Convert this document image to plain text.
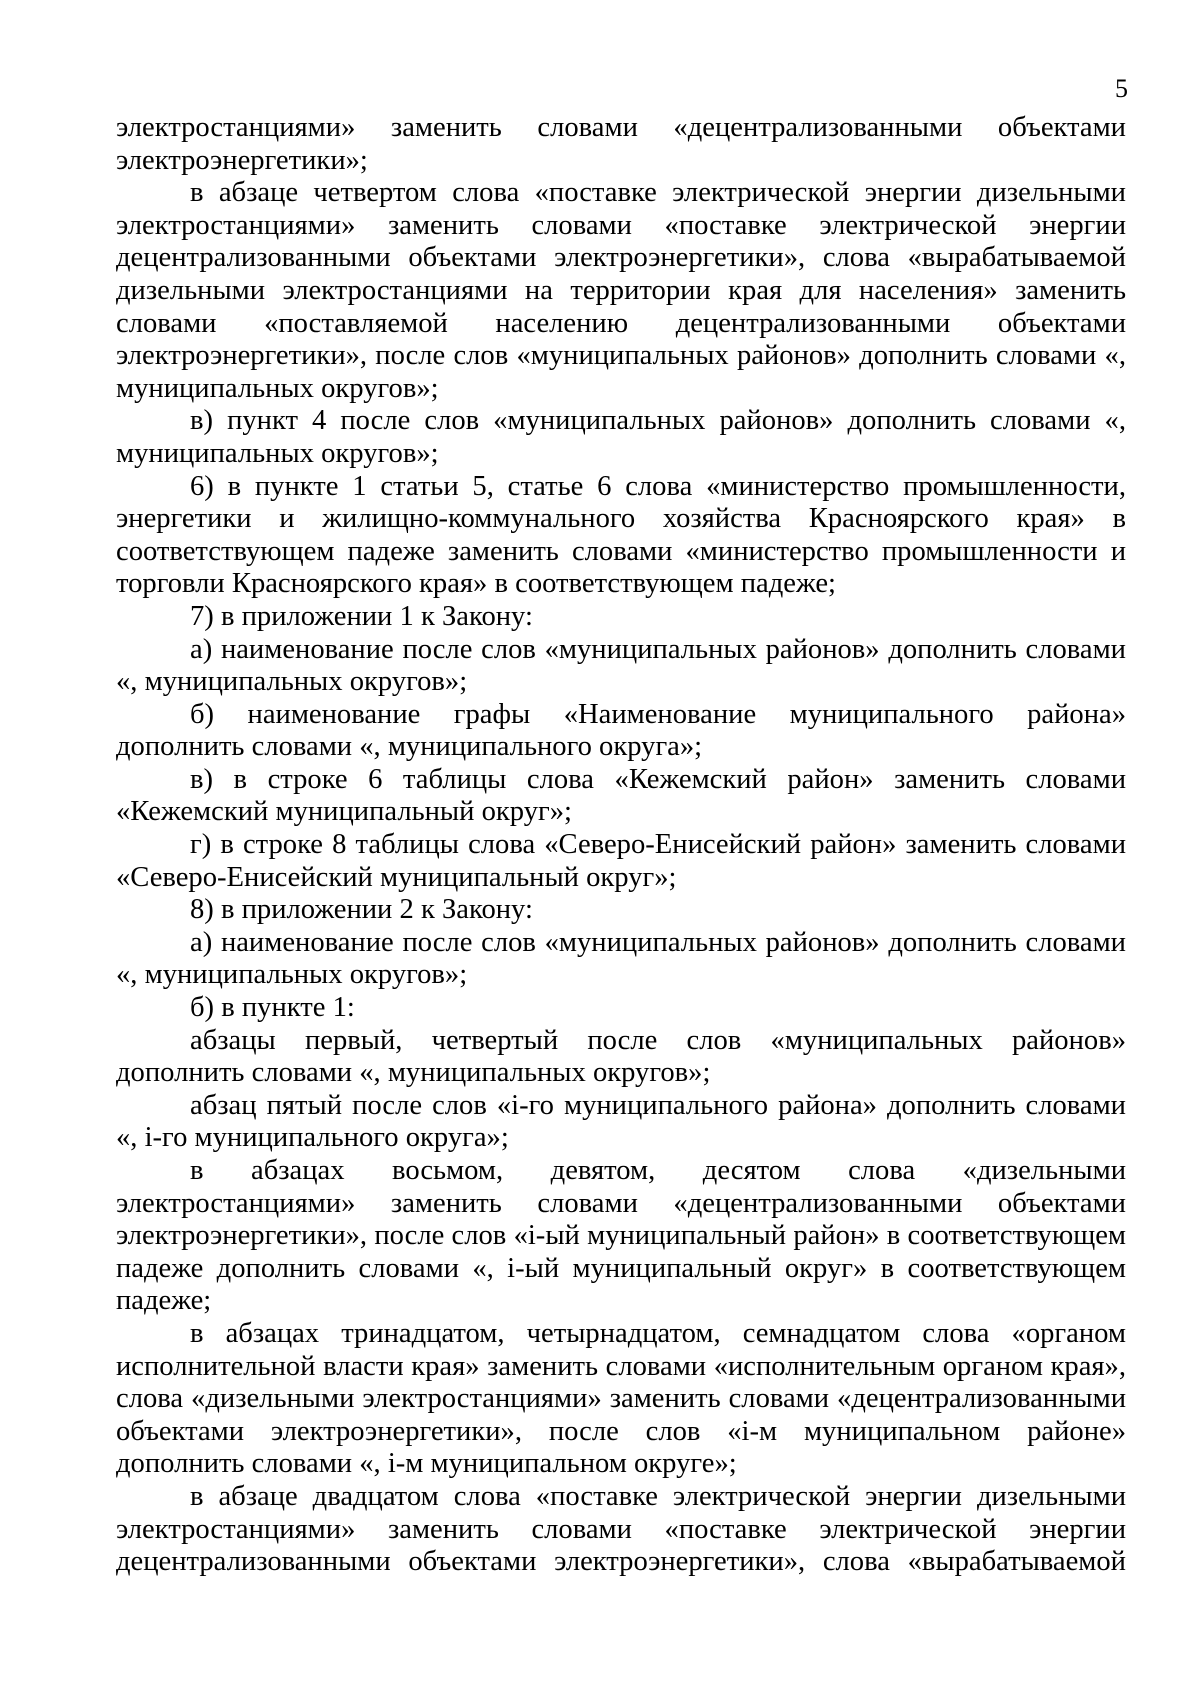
5

электростанциями» заменить словами «децентрализованными объектами электроэнергетики»;

в абзаце четвертом слова «поставке электрической энергии дизельными электростанциями» заменить словами «поставке электрической энергии децентрализованными объектами электроэнергетики», слова «вырабатываемой дизельными электростанциями на территории края для населения» заменить словами «поставляемой населению децентрализованными объектами электроэнергетики», после слов «муниципальных районов» дополнить словами «, муниципальных округов»;

в) пункт 4 после слов «муниципальных районов» дополнить словами «, муниципальных округов»;

6) в пункте 1 статьи 5, статье 6 слова «министерство промышленности, энергетики и жилищно-коммунального хозяйства Красноярского края» в соответствующем падеже заменить словами «министерство промышленности и торговли Красноярского края» в соответствующем падеже;

7) в приложении 1 к Закону:

а) наименование после слов «муниципальных районов» дополнить словами «, муниципальных округов»;

б) наименование графы «Наименование муниципального района» дополнить словами «, муниципального округа»;

в) в строке 6 таблицы слова «Кежемский район» заменить словами «Кежемский муниципальный округ»;

г) в строке 8 таблицы слова «Северо-Енисейский район» заменить словами «Северо-Енисейский муниципальный округ»;

8) в приложении 2 к Закону:

а) наименование после слов «муниципальных районов» дополнить словами «, муниципальных округов»;

б) в пункте 1:

абзацы первый, четвертый после слов «муниципальных районов» дополнить словами «, муниципальных округов»;

абзац пятый после слов «i-го муниципального района» дополнить словами «, i-го муниципального округа»;

в абзацах восьмом, девятом, десятом слова «дизельными электростанциями» заменить словами «децентрализованными объектами электроэнергетики», после слов «i-ый муниципальный район» в соответствующем падеже дополнить словами «, i-ый муниципальный округ» в соответствующем падеже;

в абзацах тринадцатом, четырнадцатом, семнадцатом слова «органом исполнительной власти края» заменить словами «исполнительным органом края», слова «дизельными электростанциями» заменить словами «децентрализованными объектами электроэнергетики», после слов «i-м муниципальном районе» дополнить словами «, i-м муниципальном округе»;

в абзаце двадцатом слова «поставке электрической энергии дизельными электростанциями» заменить словами «поставке электрической энергии децентрализованными объектами электроэнергетики», слова «вырабатываемой
